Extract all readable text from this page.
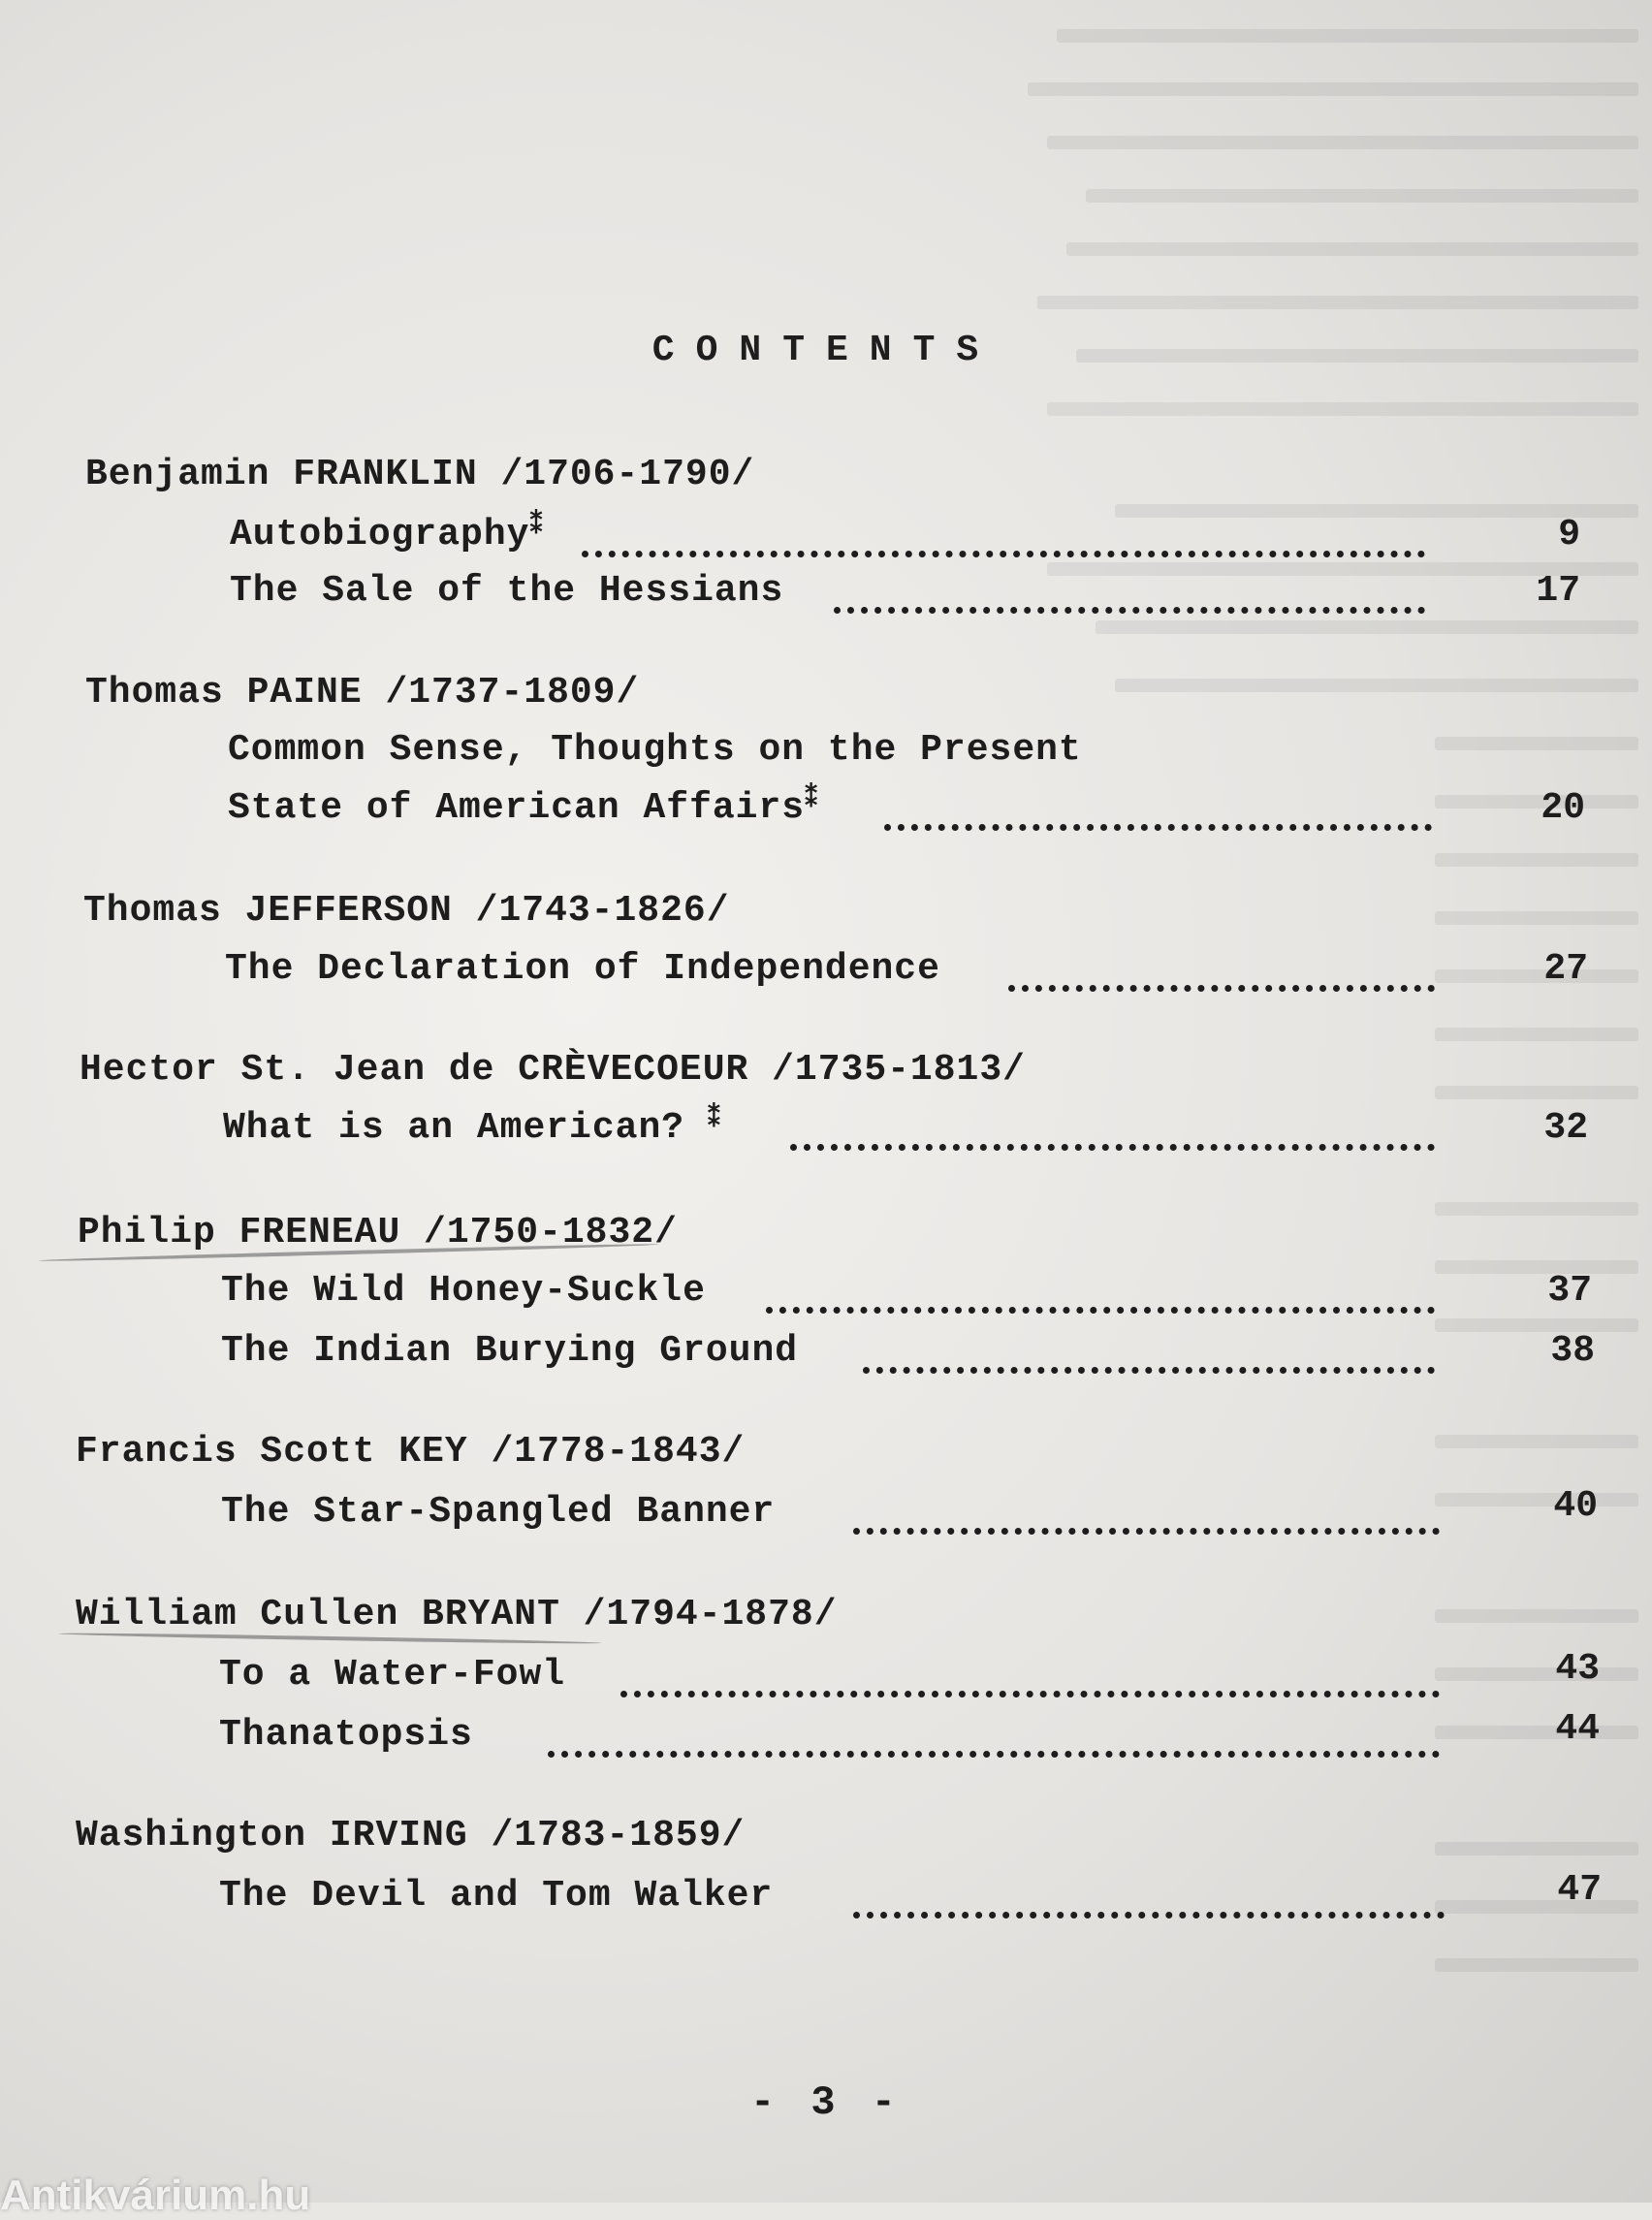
CONTENTS
Benjamin FRANKLIN /1706-1790/
Autobiography⁑	9
The Sale of the Hessians	17
Thomas PAINE /1737-1809/
Common Sense, Thoughts on the Present
State of American Affairs⁑	20
Thomas JEFFERSON /1743-1826/
The Declaration of Independence	27
Hector St. Jean de CRÈVECOEUR /1735-1813/
What is an American? ⁑	32
Philip FRENEAU /1750-1832/
The Wild Honey-Suckle	37
The Indian Burying Ground	38
Francis Scott KEY /1778-1843/
The Star-Spangled Banner	40
William Cullen BRYANT /1794-1878/
To a Water-Fowl	43
Thanatopsis	44
Washington IRVING /1783-1859/
The Devil and Tom Walker	47
- 3 -
Antikvárium.hu
